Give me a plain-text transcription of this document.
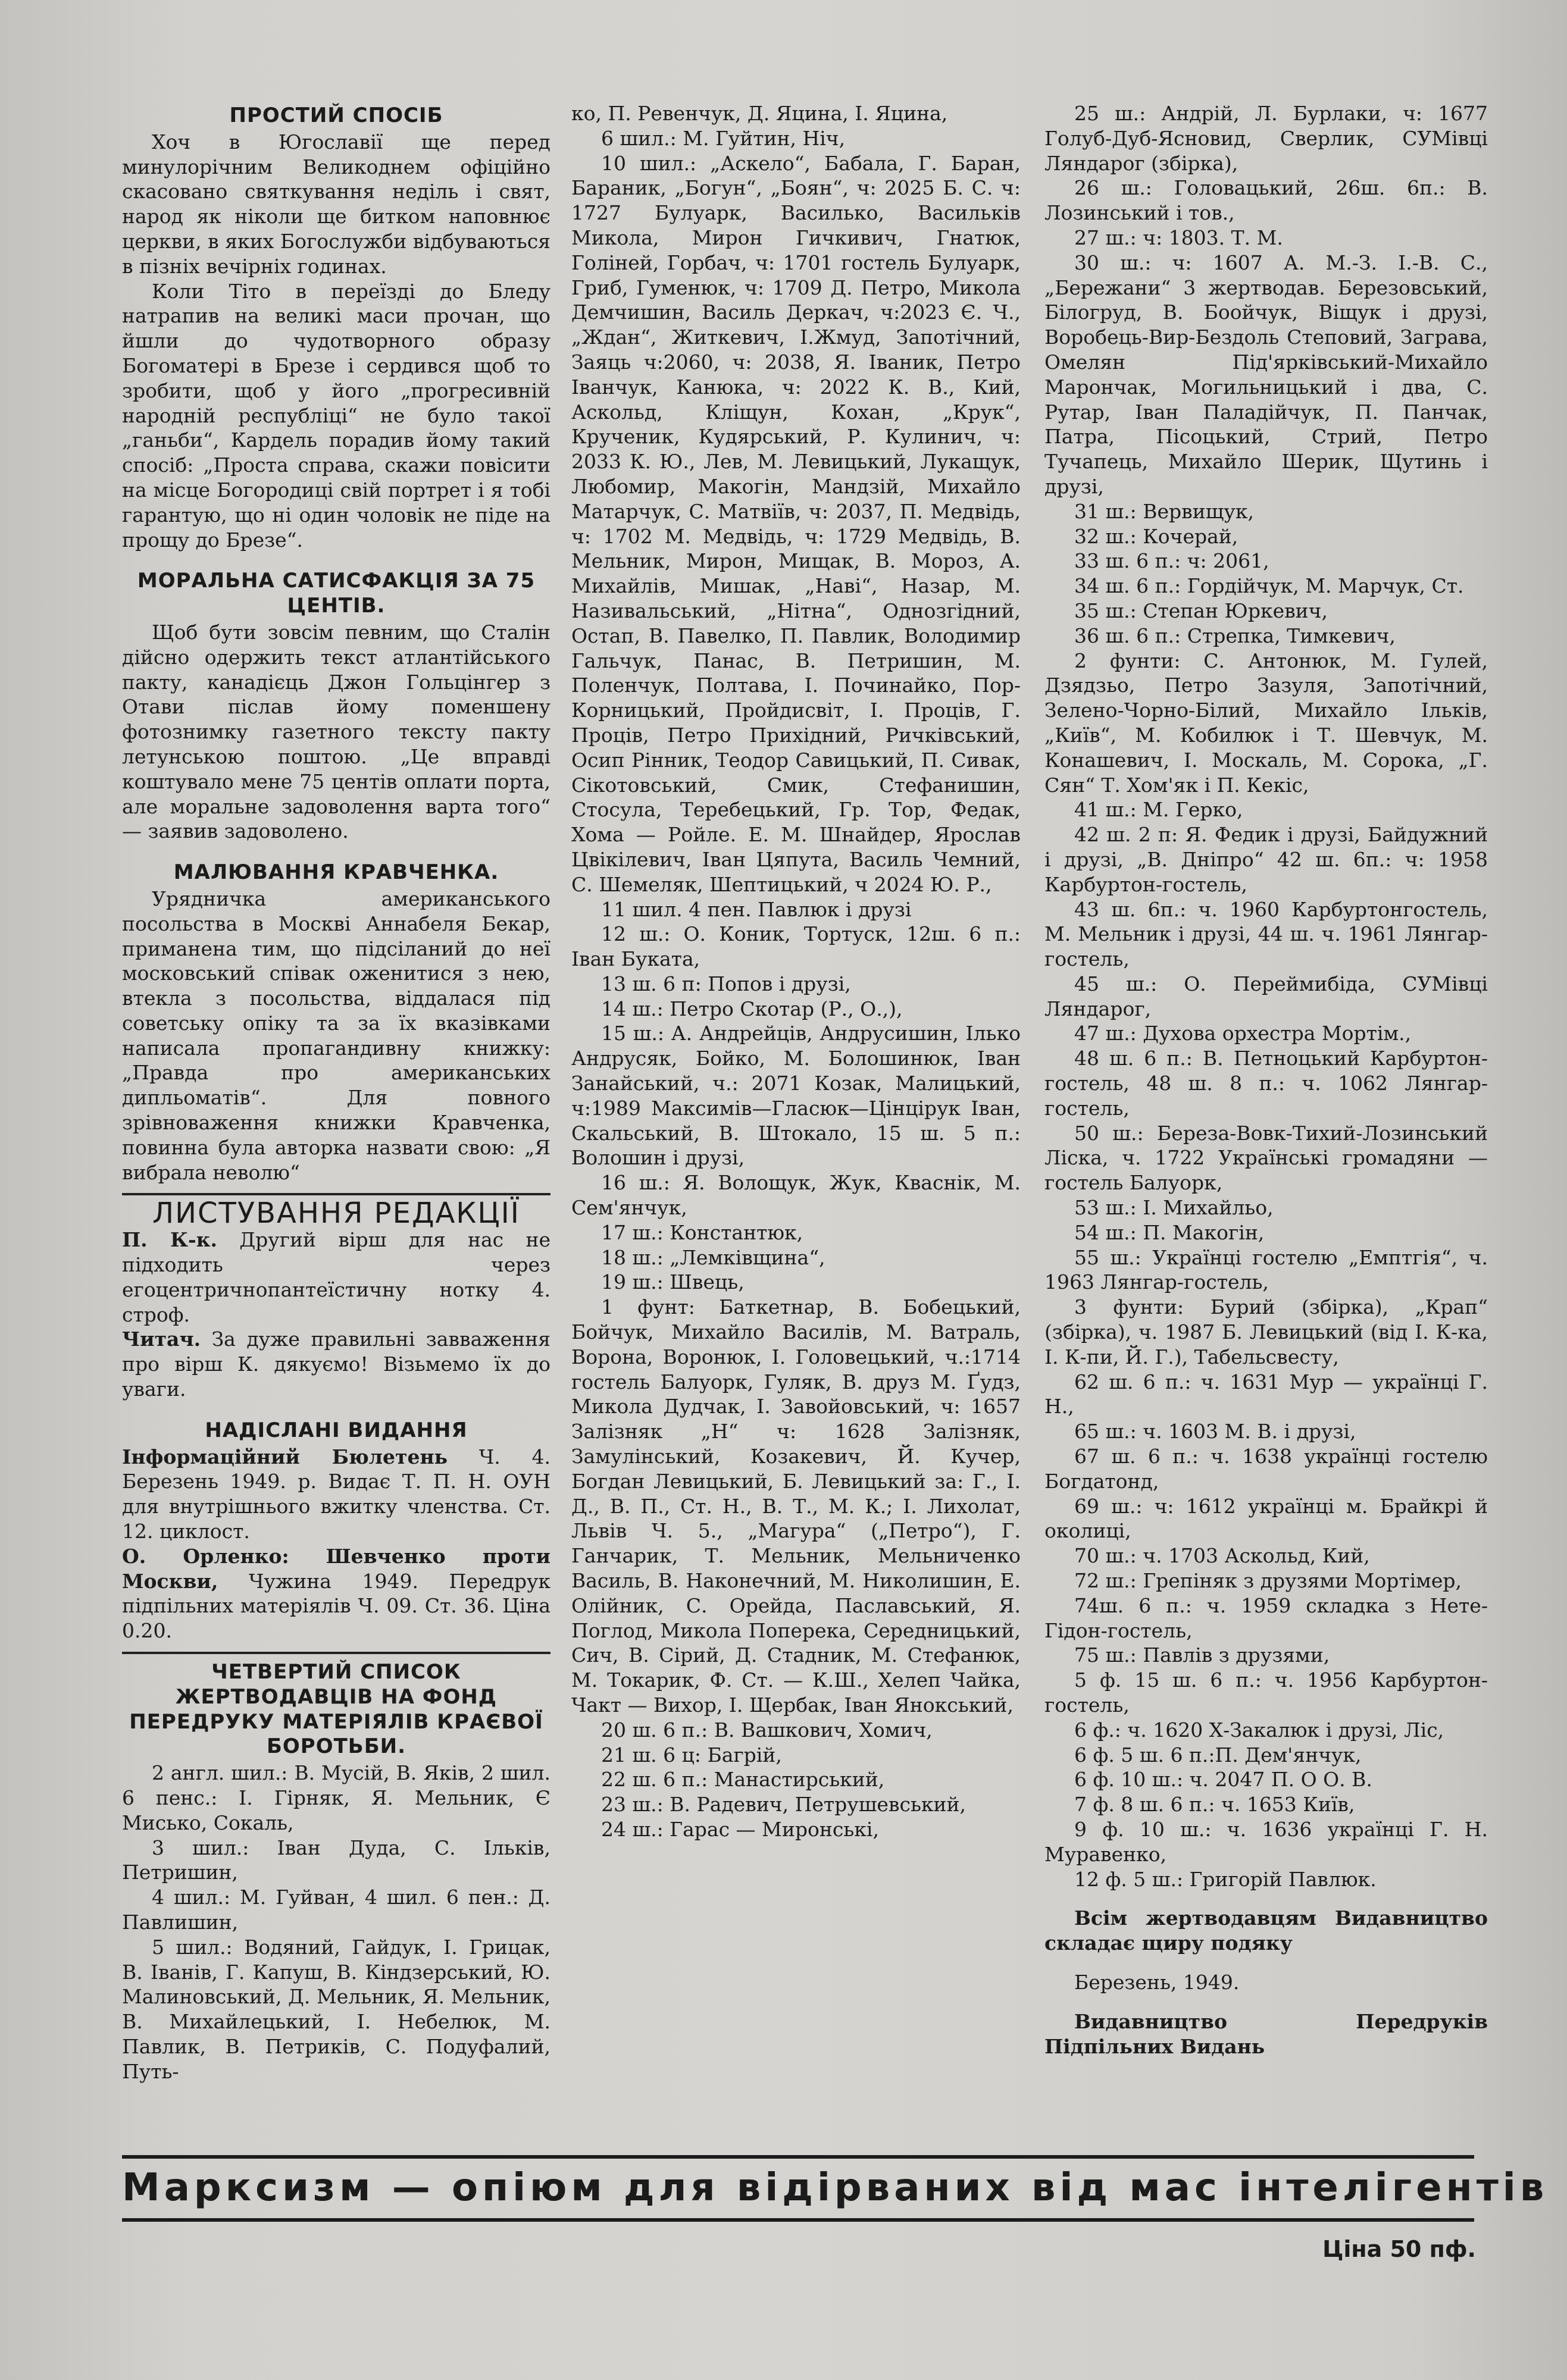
ПРОСТИЙ СПОСІБ

Хоч в Югославії ще перед минулорічним Великоднем офіційно скасовано святкування неділь і свят, народ як ніколи ще битком наповнює церкви, в яких Богослужби відбуваються в пізніх вечірніх годинах.

Коли Тіто в переїзді до Бледу натрапив на великі маси прочан, що йшли до чудотворного образу Богоматері в Брезе і сердився щоб то зробити, щоб у його „прогресивній народній республіці“ не було такої „ганьби“, Кардель порадив йому такий спосіб: „Проста справа, скажи повісити на місце Богородиці свій портрет і я тобі гарантую, що ні один чоловік не піде на прощу до Брезе“.

МОРАЛЬНА САТИСФАКЦІЯ ЗА 75 ЦЕНТІВ.

Щоб бути зовсім певним, що Сталін дійсно одержить текст атлантійського пакту, канадієць Джон Гольцінгер з Отави післав йому поменшену фотознимку газетного тексту пакту летунською поштою. „Це вправді коштувало мене 75 центів оплати порта, але моральне задоволення варта того“ — заявив задоволено.

МАЛЮВАННЯ КРАВЧЕНКА.

Урядничка американського посольства в Москві Аннабеля Бекар, приманена тим, що підсіланий до неї московський співак оженитися з нею, втекла з посольства, віддалася під советську опіку та за їх вказівками написала пропагандивну книжку: „Правда про американських дипльоматів“. Для повного зрівноваження книжки Кравченка, повинна була авторка назвати свою: „Я вибрала неволю“

ЛИСТУВАННЯ РЕДАКЦІЇ

П. К-к. Другий вірш для нас не підходить через егоцентричнопантеїстичну нотку 4. строф.

Читач. За дуже правильні завваження про вірш К. дякуємо! Візьмемо їх до уваги.

НАДІСЛАНІ ВИДАННЯ

Інформаційний Бюлетень Ч. 4. Березень 1949. р. Видає Т. П. Н. ОУН для внутрішнього вжитку членства. Ст. 12. циклост.

О. Орленко: Шевченко проти Москви, Чужина 1949. Передрук підпільних матеріялів Ч. 09. Ст. 36. Ціна 0.20.

ЧЕТВЕРТИЙ СПИСОК ЖЕРТВОДАВЦІВ НА ФОНД ПЕРЕДРУКУ МАТЕРІЯЛІВ КРАЄВОЇ БОРОТЬБИ.

2 англ. шил.: В. Мусій, В. Яків, 2 шил. 6 пенс.: І. Гірняк, Я. Мельник, Є Мисько, Сокаль,

3 шил.: Іван Дуда, С. Ільків, Петришин,

4 шил.: М. Гуйван, 4 шил. 6 пен.: Д. Павлишин,

5 шил.: Водяний, Гайдук, І. Грицак, В. Іванів, Г. Капуш, В. Кіндзерський, Ю. Малиновський, Д. Мельник, Я. Мельник, В. Михайлецький, І. Небелюк, М. Павлик, В. Петриків, С. Подуфалий, Путь-

ко, П. Ревенчук, Д. Яцина, І. Яцина,

6 шил.: М. Гуйтин, Ніч,

10 шил.: „Аскело“, Бабала, Г. Баран, Бараник, „Богун“, „Боян“, ч: 2025 Б. С. ч: 1727 Булуарк, Василько, Васильків Микола, Мирон Гичкивич, Гнатюк, Голіней, Горбач, ч: 1701 гостель Булуарк, Гриб, Гуменюк, ч: 1709 Д. Петро, Микола Демчишин, Василь Деркач, ч:2023 Є. Ч., „Ждан“, Житкевич, І.Жмуд, Запотічний, Заяць ч:2060, ч: 2038, Я. Іваник, Петро Іванчук, Канюка, ч: 2022 К. В., Кий, Аскольд, Кліщун, Кохан, „Крук“, Крученик, Кудярський, Р. Кулинич, ч: 2033 К. Ю., Лев, М. Левицький, Лукащук, Любомир, Макогін, Мандзій, Михайло Матарчук, С. Матвіїв, ч: 2037, П. Медвідь, ч: 1702 М. Медвідь, ч: 1729 Медвідь, В. Мельник, Мирон, Мищак, В. Мороз, А. Михайлів, Мишак, „Наві“, Назар, М. Називальський, „Нітна“, Однозгідний, Остап, В. Павелко, П. Павлик, Володимир Гальчук, Панас, В. Петришин, М. Поленчук, Полтава, І. Починайко, Пор-Корницький, Пройдисвіт, І. Проців, Г. Проців, Петро Прихідний, Ричківський, Осип Рінник, Теодор Савицький, П. Сивак, Сікотовський, Смик, Стефанишин, Стосула, Теребецький, Гр. Тор, Федак, Хома — Ройле. Е. М. Шнайдер, Ярослав Цвікілевич, Іван Цяпута, Василь Чемний, С. Шемеляк, Шептицький, ч 2024 Ю. Р.,

11 шил. 4 пен. Павлюк і друзі

12 ш.: О. Коник, Тортуск, 12ш. 6 п.: Іван Буката,

13 ш. 6 п: Попов і друзі,

14 ш.: Петро Скотар (Р., О.,),

15 ш.: А. Андрейців, Андрусишин, Ілько Андрусяк, Бойко, М. Болошинюк, Іван Занайський, ч.: 2071 Козак, Малицький, ч:1989 Максимів—Гласюк—Цінцірук Іван, Скальський, В. Штокало, 15 ш. 5 п.: Волошин і друзі,

16 ш.: Я. Волощук, Жук, Кваснік, М. Сем'янчук,

17 ш.: Константюк,

18 ш.: „Лемківщина“,

19 ш.: Швець,

1 фунт: Баткетнар, В. Бобецький, Бойчук, Михайло Василів, М. Ватраль, Ворона, Воронюк, І. Головецький, ч.:1714 гостель Балуорк, Гуляк, В. друз М. Ґудз, Микола Дудчак, І. Завойовський, ч: 1657 Залізняк „Н“ ч: 1628 Залізняк, Замулінський, Козакевич, Й. Кучер, Богдан Левицький, Б. Левицький за: Г., І. Д., В. П., Ст. Н., В. Т., М. К.; І. Лихолат, Львів Ч. 5., „Магура“ („Петро“), Г. Ганчарик, Т. Мельник, Мельниченко Василь, В. Наконечний, М. Николишин, Е. Олійник, С. Орейда, Паславський, Я. Поглод, Микола Поперека, Середницький, Сич, В. Сірий, Д. Стадник, М. Стефанюк, М. Токарик, Ф. Ст. — К.Ш., Хелеп Чайка, Чакт — Вихор, І. Щербак, Іван Янокський,

20 ш. 6 п.: В. Вашкович, Хомич,

21 ш. 6 ц: Багрій,

22 ш. 6 п.: Манастирський,

23 ш.: В. Радевич, Петрушевський,

24 ш.: Гарас — Миронські,

25 ш.: Андрій, Л. Бурлаки, ч: 1677 Голуб-Дуб-Ясновид, Сверлик, СУМівці Ляндарог (збірка),

26 ш.: Головацький, 26ш. 6п.: В. Лозинський і тов.,

27 ш.: ч: 1803. Т. М.

30 ш.: ч: 1607 А. М.-З. І.-В. С., „Бережани“ 3 жертводав. Березовський, Білогруд, В. Боойчук, Віщук і друзі, Воробець-Вир-Бездоль Степовий, Заграва, Омелян Під'ярківський-Михайло Марончак, Могильницький і два, С. Рутар, Іван Паладійчук, П. Панчак, Патра, Пісоцький, Стрий, Петро Тучапець, Михайло Шерик, Щутинь і друзі,

31 ш.: Вервищук,

32 ш.: Кочерай,

33 ш. 6 п.: ч: 2061,

34 ш. 6 п.: Гордійчук, М. Марчук, Ст.

35 ш.: Степан Юркевич,

36 ш. 6 п.: Стрепка, Тимкевич,

2 фунти: С. Антонюк, М. Гулей, Дзядзьо, Петро Зазуля, Запотічний, Зелено-Чорно-Білий, Михайло Ільків, „Київ“, М. Кобилюк і Т. Шевчук, М. Конашевич, І. Москаль, М. Сорока, „Г. Сян“ Т. Хом'як і П. Кекіс,

41 ш.: М. Герко,

42 ш. 2 п: Я. Федик і друзі, Байдужний і друзі, „В. Дніпро“ 42 ш. 6п.: ч: 1958 Карбуртон-гостель,

43 ш. 6п.: ч. 1960 Карбуртонгостель, М. Мельник і друзі, 44 ш. ч. 1961 Лянгар-гостель,

45 ш.: О. Переймибіда, СУМівці Ляндарог,

47 ш.: Духова орхестра Мортім.,

48 ш. 6 п.: В. Петноцький Карбуртон-гостель, 48 ш. 8 п.: ч. 1062 Лянгар-гостель,

50 ш.: Береза-Вовк-Тихий-Лозинський Ліска, ч. 1722 Українські громадяни — гостель Балуорк,

53 ш.: І. Михайльо,

54 ш.: П. Макогін,

55 ш.: Українці гостелю „Емптгія“, ч. 1963 Лянгар-гостель,

3 фунти: Бурий (збірка), „Крап“ (збірка), ч. 1987 Б. Левицький (від І. К-ка, І. К-пи, Й. Г.), Табельсвесту,

62 ш. 6 п.: ч. 1631 Мур — українці Г. Н.,

65 ш.: ч. 1603 М. В. і друзі,

67 ш. 6 п.: ч. 1638 українці гостелю Богдатонд,

69 ш.: ч: 1612 українці м. Брайкрі й околиці,

70 ш.: ч. 1703 Аскольд, Кий,

72 ш.: Грепіняк з друзями Мортімер,

74ш. 6 п.: ч. 1959 складка з Нете-Гідон-гостель,

75 ш.: Павлів з друзями,

5 ф. 15 ш. 6 п.: ч. 1956 Карбуртон-гостель,

6 ф.: ч. 1620 Х-Закалюк і друзі, Ліс,

6 ф. 5 ш. 6 п.:П. Дем'янчук,

6 ф. 10 ш.: ч. 2047 П. О О. В.

7 ф. 8 ш. 6 п.: ч. 1653 Київ,

9 ф. 10 ш.: ч. 1636 українці Г. Н. Муравенко,

12 ф. 5 ш.: Григорій Павлюк.

Всім жертводавцям Видавництво складає щиру подяку

Березень, 1949.

Видавництво Передруків Підпільних Видань

Марксизм — опіюм для відірваних від мас інтелігентів
Ціна 50 пф.
